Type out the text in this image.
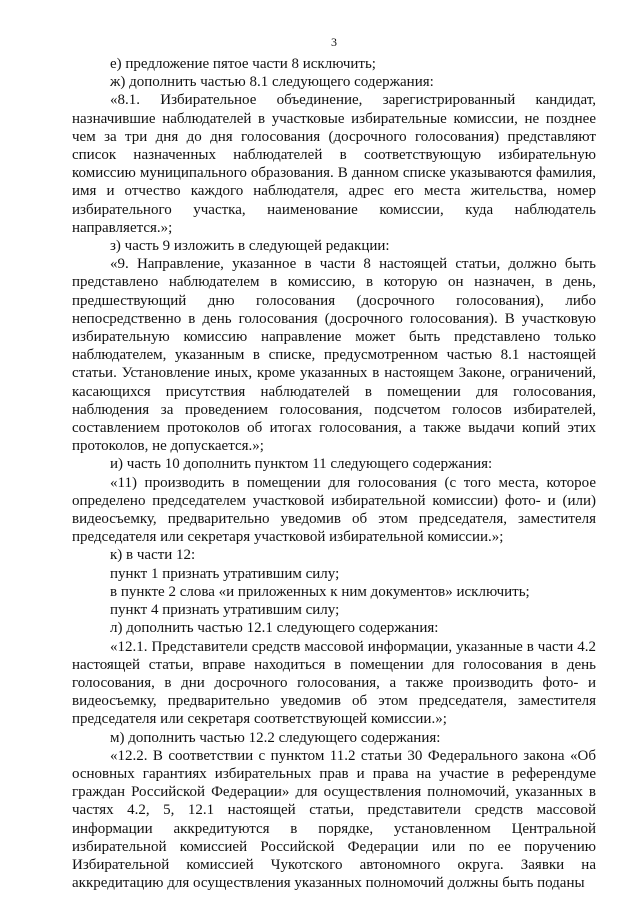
3

е) предложение пятое части 8 исключить;

ж) дополнить частью 8.1 следующего содержания:

«8.1. Избирательное объединение, зарегистрированный кандидат, назначившие наблюдателей в участковые избирательные комиссии, не позднее чем за три дня до дня голосования (досрочного голосования) представляют список назначенных наблюдателей в соответствующую избирательную комиссию муниципального образования. В данном списке указываются фамилия, имя и отчество каждого наблюдателя, адрес его места жительства, номер избирательного участка, наименование комиссии, куда наблюдатель направляется.»;

з) часть 9 изложить в следующей редакции:

«9. Направление, указанное в части 8 настоящей статьи, должно быть представлено наблюдателем в комиссию, в которую он назначен, в день, предшествующий дню голосования (досрочного голосования), либо непосредственно в день голосования (досрочного голосования). В участковую избирательную комиссию направление может быть представлено только наблюдателем, указанным в списке, предусмотренном частью 8.1 настоящей статьи. Установление иных, кроме указанных в настоящем Законе, ограничений, касающихся присутствия наблюдателей в помещении для голосования, наблюдения за проведением голосования, подсчетом голосов избирателей, составлением протоколов об итогах голосования, а также выдачи копий этих протоколов, не допускается.»;

и) часть 10 дополнить пунктом 11 следующего содержания:

«11) производить в помещении для голосования (с того места, которое определено председателем участковой избирательной комиссии) фото- и (или) видеосъемку, предварительно уведомив об этом председателя, заместителя председателя или секретаря участковой избирательной комиссии.»;

к) в части 12:

пункт 1 признать утратившим силу;

в пункте 2 слова «и приложенных к ним документов» исключить;

пункт 4 признать утратившим силу;

л) дополнить частью 12.1 следующего содержания:

«12.1. Представители средств массовой информации, указанные в части 4.2 настоящей статьи, вправе находиться в помещении для голосования в день голосования, в дни досрочного голосования, а также производить фото- и видеосъемку, предварительно уведомив об этом председателя, заместителя председателя или секретаря соответствующей комиссии.»;

м) дополнить частью 12.2 следующего содержания:

«12.2. В соответствии с пунктом 11.2 статьи 30 Федерального закона «Об основных гарантиях избирательных прав и права на участие в референдуме граждан Российской Федерации» для осуществления полномочий, указанных в частях 4.2, 5, 12.1 настоящей статьи, представители средств массовой информации аккредитуются в порядке, установленном Центральной избирательной комиссией Российской Федерации или по ее поручению Избирательной комиссией Чукотского автономного округа. Заявки на аккредитацию для осуществления указанных полномочий должны быть поданы
